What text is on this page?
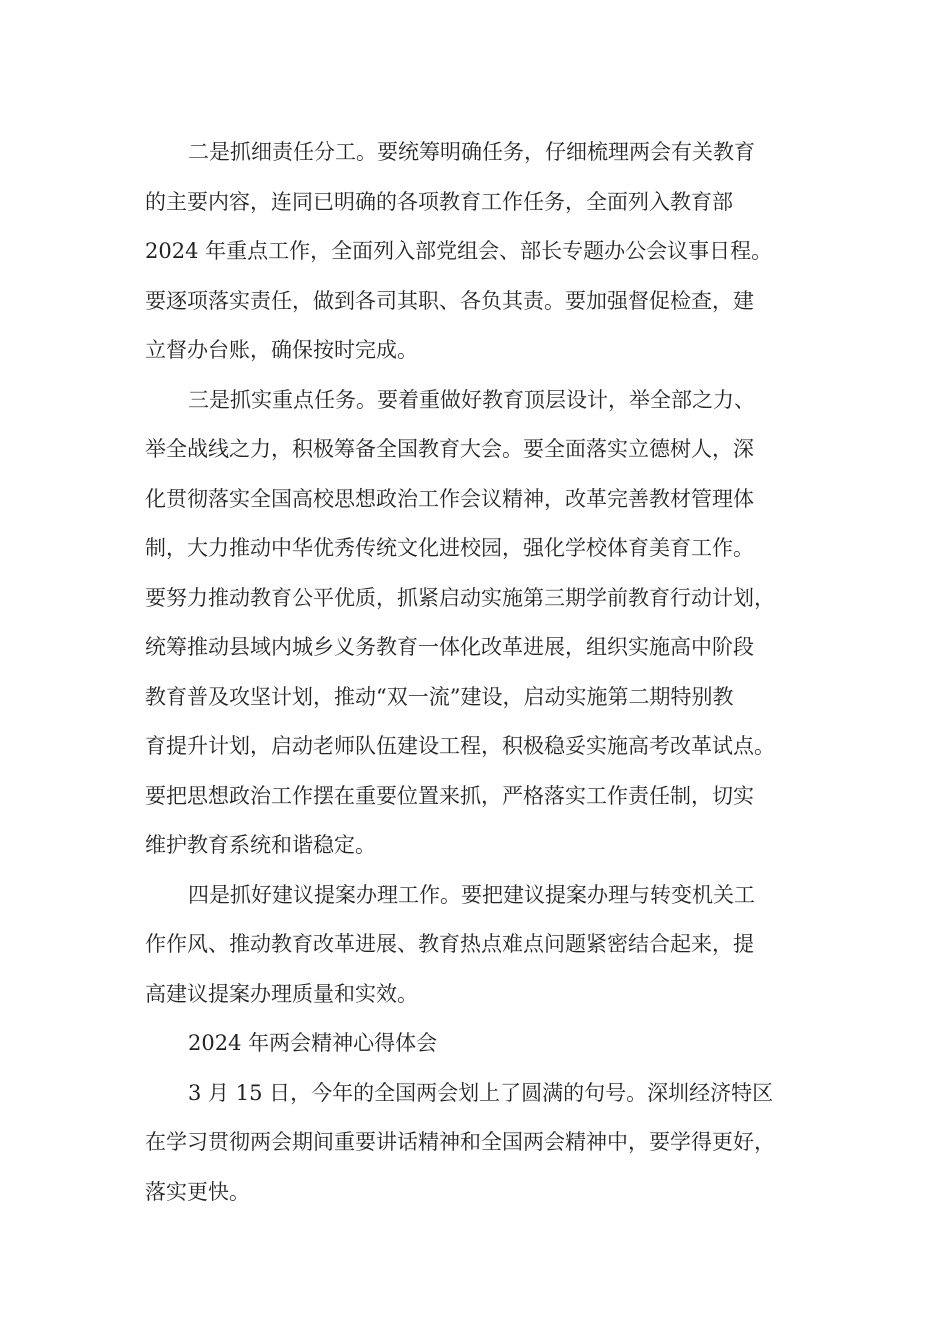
二是抓细责任分工。要统筹明确任务，仔细梳理两会有关教育
的主要内容，连同已明确的各项教育工作任务，全面列入教育部
2024 年重点工作，全面列入部党组会、部长专题办公会议事日程。
要逐项落实责任，做到各司其职、各负其责。要加强督促检查，建
立督办台账，确保按时完成。
三是抓实重点任务。要着重做好教育顶层设计，举全部之力、
举全战线之力，积极筹备全国教育大会。要全面落实立德树人，深
化贯彻落实全国高校思想政治工作会议精神，改革完善教材管理体
制，大力推动中华优秀传统文化进校园，强化学校体育美育工作。
要努力推动教育公平优质，抓紧启动实施第三期学前教育行动计划，
统筹推动县域内城乡义务教育一体化改革进展，组织实施高中阶段
教育普及攻坚计划，推动“双一流”建设，启动实施第二期特别教
育提升计划，启动老师队伍建设工程，积极稳妥实施高考改革试点。
要把思想政治工作摆在重要位置来抓，严格落实工作责任制，切实
维护教育系统和谐稳定。
四是抓好建议提案办理工作。要把建议提案办理与转变机关工
作作风、推动教育改革进展、教育热点难点问题紧密结合起来，提
高建议提案办理质量和实效。
2024 年两会精神心得体会
3 月 15 日，今年的全国两会划上了圆满的句号。深圳经济特区
在学习贯彻两会期间重要讲话精神和全国两会精神中，要学得更好，
落实更快。
